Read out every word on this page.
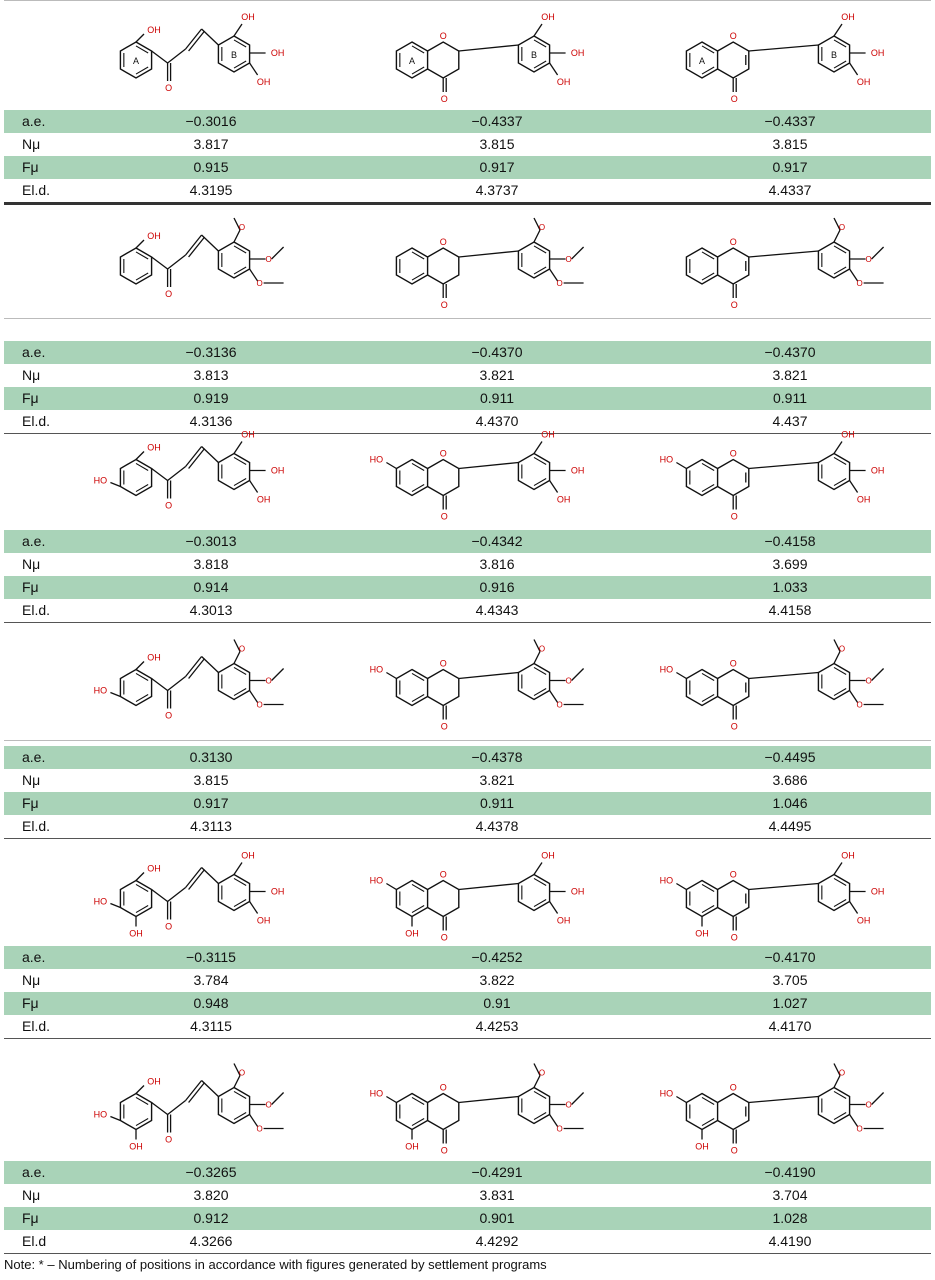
O
OH
A
B
OH
OH
OH
O
O
A
B
OH
OH
OH
O
O
A
B
OH
OH
OH
a.e.	−0.3016	−0.4337	−0.4337
Nμ	3.817	3.815	3.815
Fμ	0.915	0.917	0.917
El.d.	4.3195	4.3737	4.4337
O
OH
O
O
O
O
O
O
O
O
O
O
O
O
O
a.e.	−0.3136	−0.4370	−0.4370
Nμ	3.813	3.821	3.821
Fμ	0.919	0.911	0.911
El.d.	4.3136	4.4370	4.437
O
OH
HO
OH
OH
OH
O
O
HO
OH
OH
OH
O
O
HO
OH
OH
OH
a.e.	−0.3013	−0.4342	−0.4158
Nμ	3.818	3.816	3.699
Fμ	0.914	0.916	1.033
El.d.	4.3013	4.4343	4.4158
O
OH
HO
O
O
O
O
O
HO
O
O
O
O
O
HO
O
O
O
a.e.	0.3130	−0.4378	−0.4495
Nμ	3.815	3.821	3.686
Fμ	0.917	0.911	1.046
El.d.	4.3113	4.4378	4.4495
O
OH
HO
OH
OH
OH
OH
O
O
HO
OH
OH
OH
OH
O
O
HO
OH
OH
OH
OH
a.e.	−0.3115	−0.4252	−0.4170
Nμ	3.784	3.822	3.705
Fμ	0.948	0.91	1.027
El.d.	4.3115	4.4253	4.4170
O
OH
HO
OH
O
O
O
O
O
HO
OH
O
O
O
O
O
HO
OH
O
O
O
a.e.	−0.3265	−0.4291	−0.4190
Nμ	3.820	3.831	3.704
Fμ	0.912	0.901	1.028
El.d	4.3266	4.4292	4.4190
Note: * – Numbering of positions in accordance with figures generated by settlement programs
